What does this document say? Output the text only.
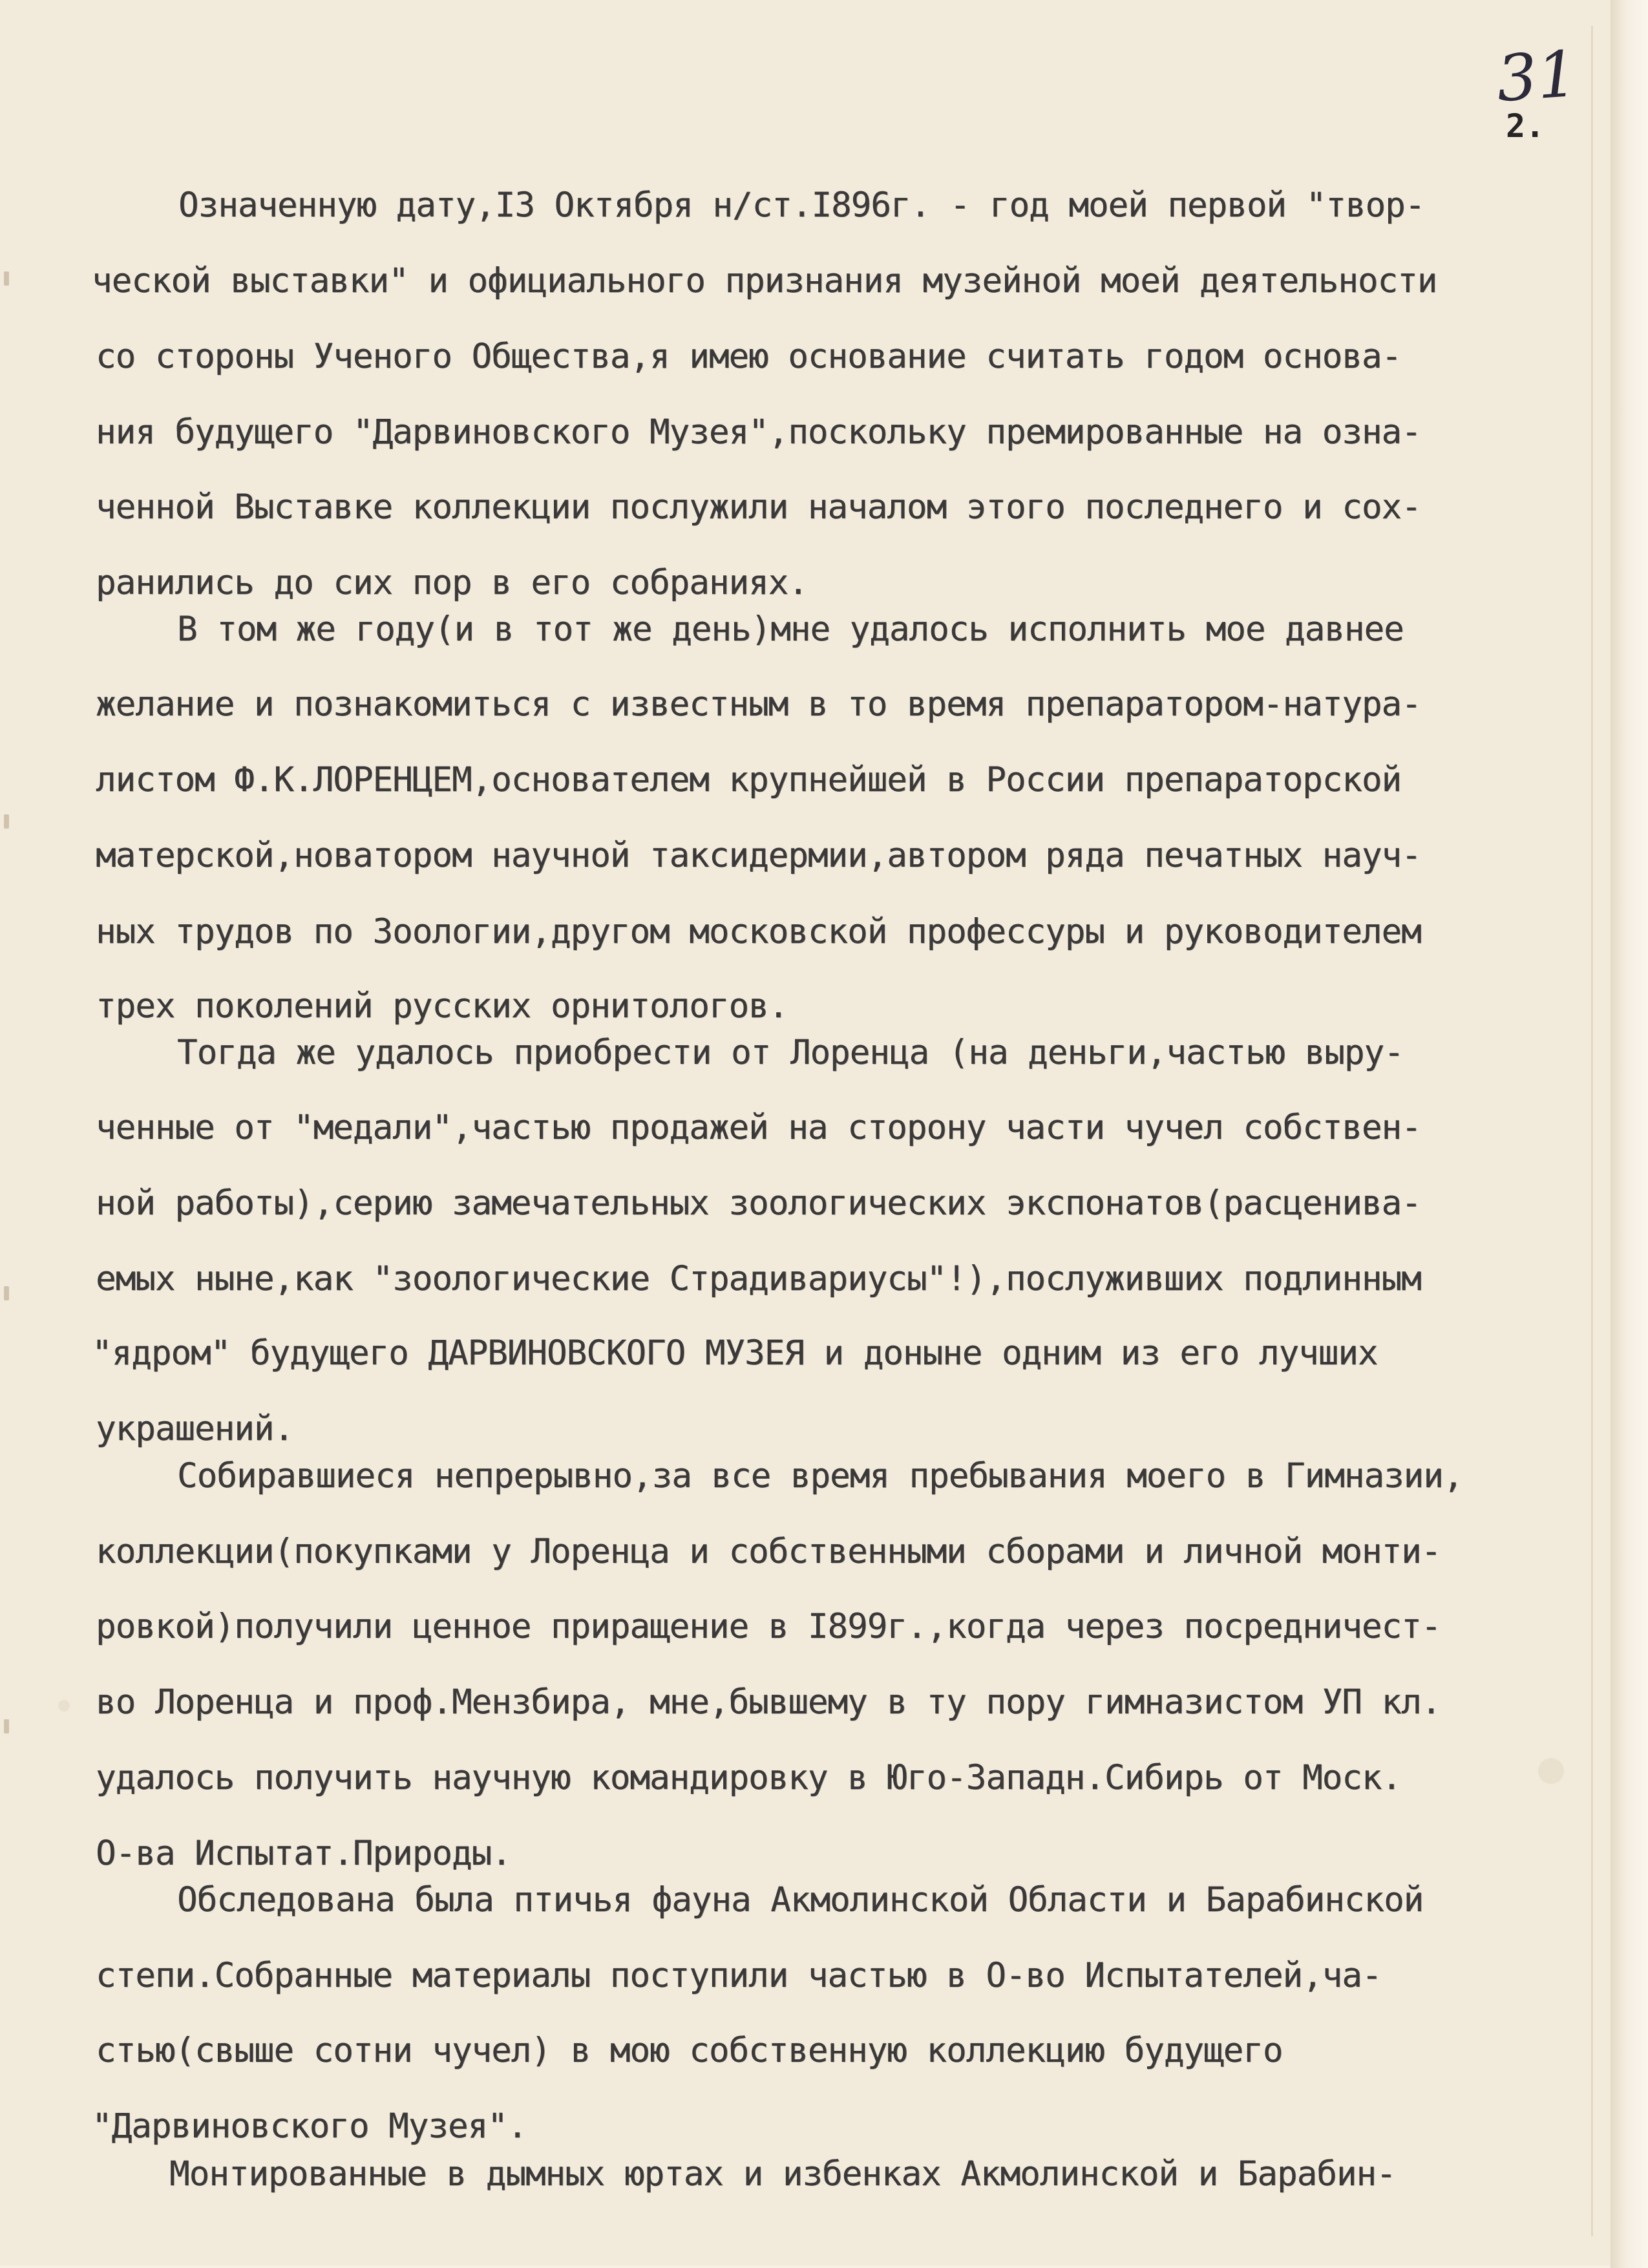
31
2.
Означенную дату,I3 Октября н/ст.I896г. - год моей первой "твор-
ческой выставки" и официального признания музейной моей деятельности
со стороны Ученого Общества,я имею основание считать годом основа-
ния будущего "Дарвиновского Музея",поскольку премированные на озна-
ченной Выставке коллекции послужили началом этого последнего и сох-
ранились до сих пор в его собраниях.
В том же году(и в тот же день)мне удалось исполнить мое давнее
желание и познакомиться с известным в то время препаратором-натура-
листом Ф.К.ЛОРЕНЦЕМ,основателем крупнейшей в России препараторской
матерской,новатором научной таксидермии,автором ряда печатных науч-
ных трудов по Зоологии,другом московской профессуры и руководителем
трех поколений русских орнитологов.
Тогда же удалось приобрести от Лоренца (на деньги,частью выру-
ченные от "медали",частью продажей на сторону части чучел собствен-
ной работы),серию замечательных зоологических экспонатов(расценива-
емых ныне,как "зоологические Страдивариусы"!),послуживших подлинным
"ядром" будущего ДАРВИНОВСКОГО МУЗЕЯ и доныне одним из его лучших
украшений.
Собиравшиеся непрерывно,за все время пребывания моего в Гимназии,
коллекции(покупками у Лоренца и собственными сборами и личной монти-
ровкой)получили ценное приращение в I899г.,когда через посредничест-
во Лоренца и проф.Мензбира, мне,бывшему в ту пору гимназистом УП кл.
удалось получить научную командировку в Юго-Западн.Сибирь от Моск.
О-ва Испытат.Природы.
Обследована была птичья фауна Акмолинской Области и Барабинской
степи.Собранные материалы поступили частью в О-во Испытателей,ча-
стью(свыше сотни чучел) в мою собственную коллекцию будущего
"Дарвиновского Музея".
Монтированные в дымных юртах и избенках Акмолинской и Барабин-
